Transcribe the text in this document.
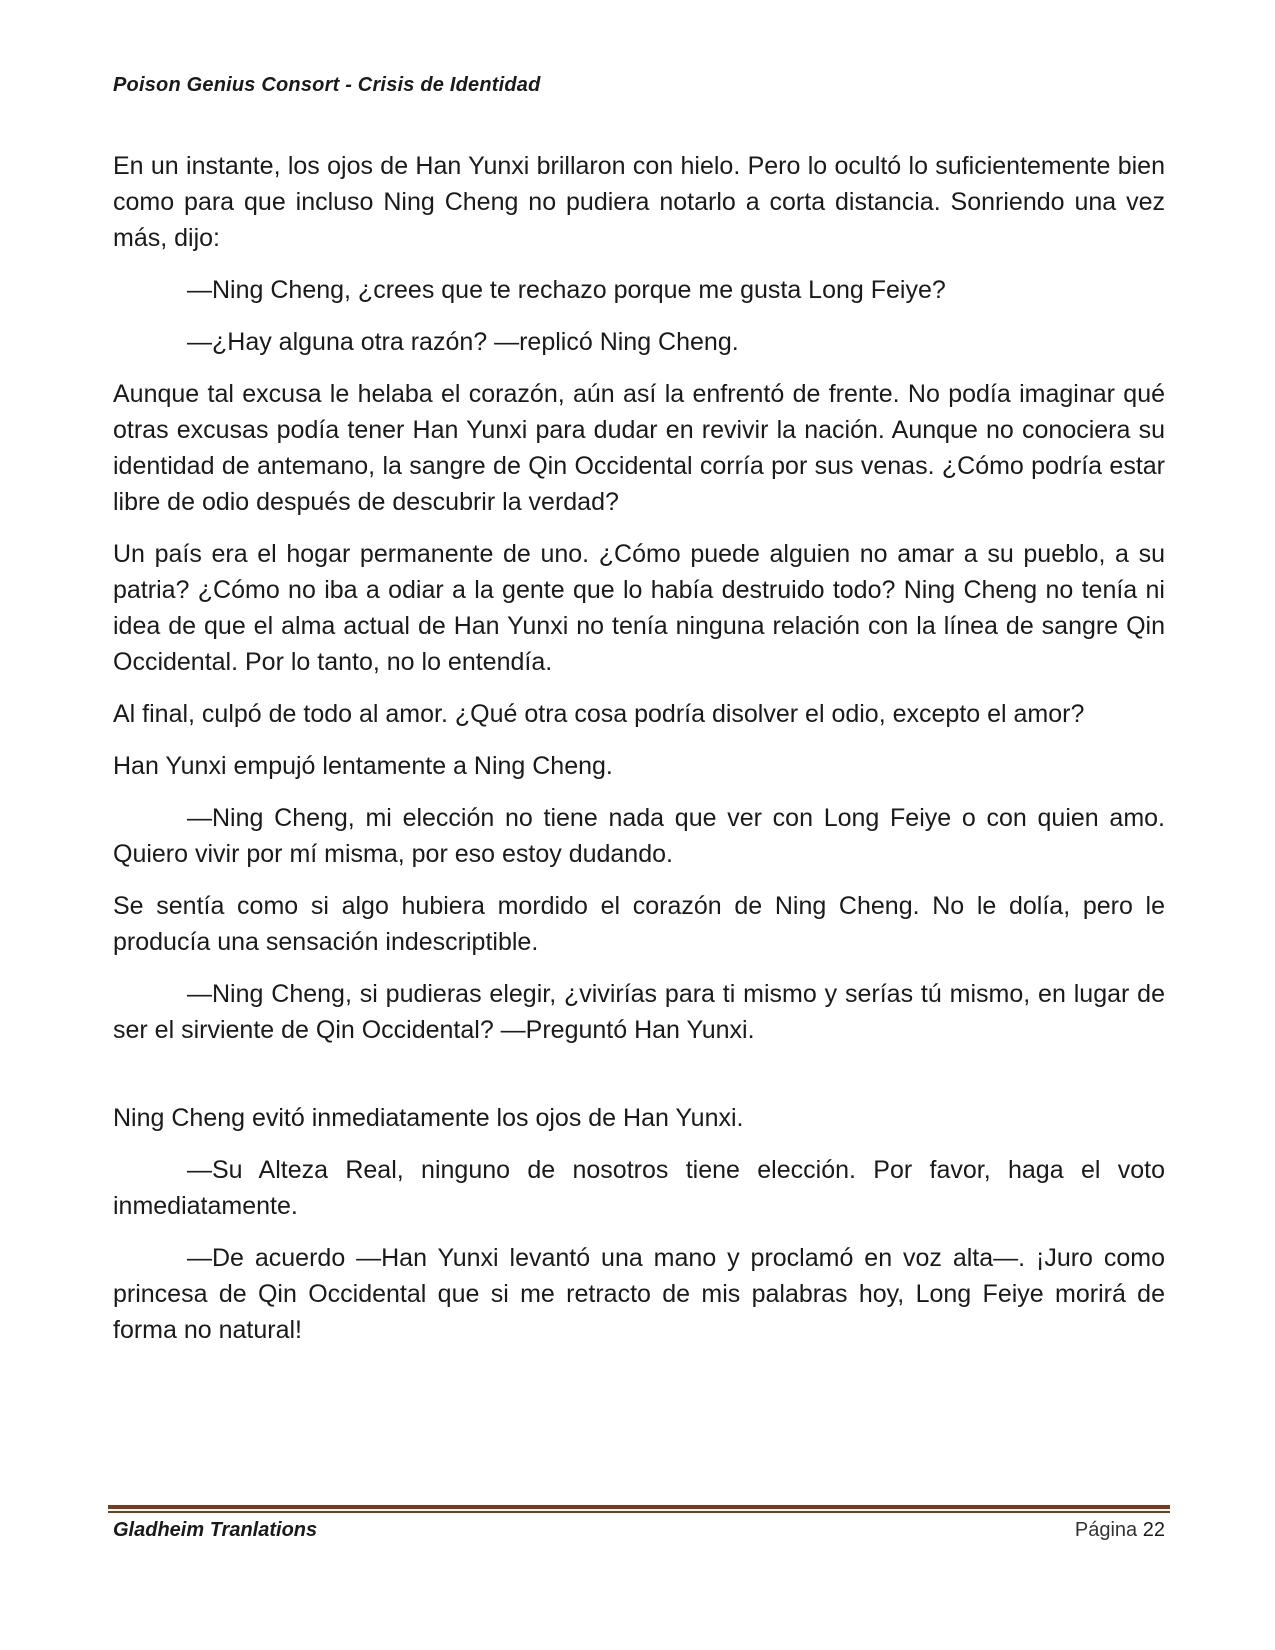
Poison Genius Consort - Crisis de Identidad

En un instante, los ojos de Han Yunxi brillaron con hielo. Pero lo ocultó lo suficientemente bien como para que incluso Ning Cheng no pudiera notarlo a corta distancia. Sonriendo una vez más, dijo:

—Ning Cheng, ¿crees que te rechazo porque me gusta Long Feiye?

—¿Hay alguna otra razón? —replicó Ning Cheng.

Aunque tal excusa le helaba el corazón, aún así la enfrentó de frente. No podía imaginar qué otras excusas podía tener Han Yunxi para dudar en revivir la nación. Aunque no conociera su identidad de antemano, la sangre de Qin Occidental corría por sus venas. ¿Cómo podría estar libre de odio después de descubrir la verdad?

Un país era el hogar permanente de uno. ¿Cómo puede alguien no amar a su pueblo, a su patria? ¿Cómo no iba a odiar a la gente que lo había destruido todo? Ning Cheng no tenía ni idea de que el alma actual de Han Yunxi no tenía ninguna relación con la línea de sangre Qin Occidental. Por lo tanto, no lo entendía.

Al final, culpó de todo al amor. ¿Qué otra cosa podría disolver el odio, excepto el amor?

Han Yunxi empujó lentamente a Ning Cheng.

—Ning Cheng, mi elección no tiene nada que ver con Long Feiye o con quien amo. Quiero vivir por mí misma, por eso estoy dudando.

Se sentía como si algo hubiera mordido el corazón de Ning Cheng. No le dolía, pero le producía una sensación indescriptible.

—Ning Cheng, si pudieras elegir, ¿vivirías para ti mismo y serías tú mismo, en lugar de ser el sirviente de Qin Occidental? —Preguntó Han Yunxi.

Ning Cheng evitó inmediatamente los ojos de Han Yunxi.

—Su Alteza Real, ninguno de nosotros tiene elección. Por favor, haga el voto inmediatamente.

—De acuerdo —Han Yunxi levantó una mano y proclamó en voz alta—. ¡Juro como princesa de Qin Occidental que si me retracto de mis palabras hoy, Long Feiye morirá de forma no natural!

Gladheim Tranlations	Página 22
